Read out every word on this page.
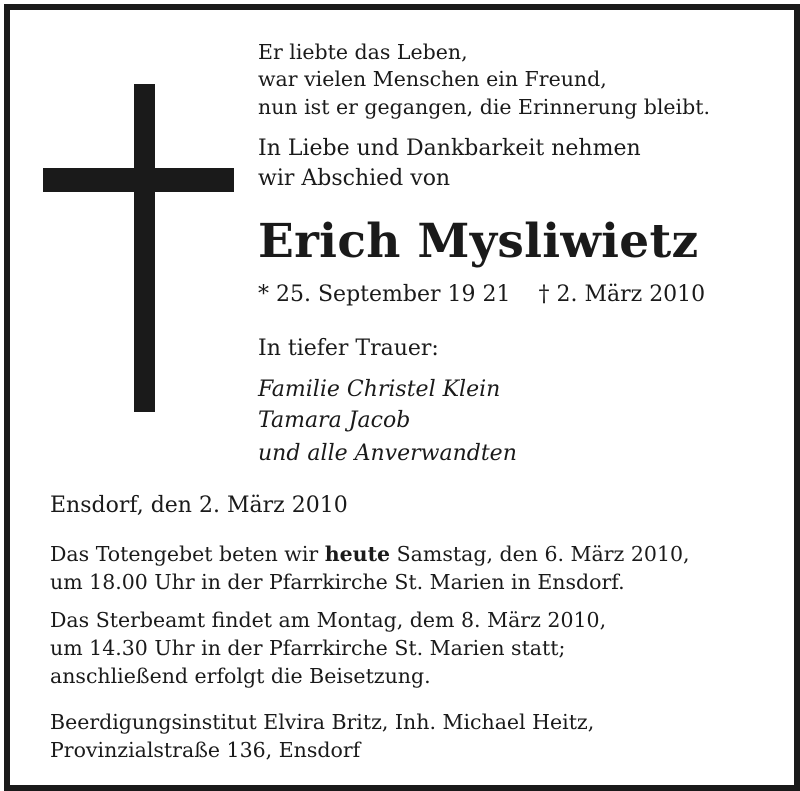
Er liebte das Leben,
war vielen Menschen ein Freund,
nun ist er gegangen, die Erinnerung bleibt.
In Liebe und Dankbarkeit nehmen
wir Abschied von
Erich Mysliwietz
* 25. September 19 21 † 2. März 2010
In tiefer Trauer:
Familie Christel Klein
Tamara Jacob
und alle Anverwandten
Ensdorf, den 2. März 2010
Das Totengebet beten wir heute Samstag, den 6. März 2010,
um 18.00 Uhr in der Pfarrkirche St. Marien in Ensdorf.
Das Sterbeamt findet am Montag, dem 8. März 2010,
um 14.30 Uhr in der Pfarrkirche St. Marien statt;
anschließend erfolgt die Beisetzung.
Beerdigungsinstitut Elvira Britz, Inh. Michael Heitz,
Provinzialstraße 136, Ensdorf
